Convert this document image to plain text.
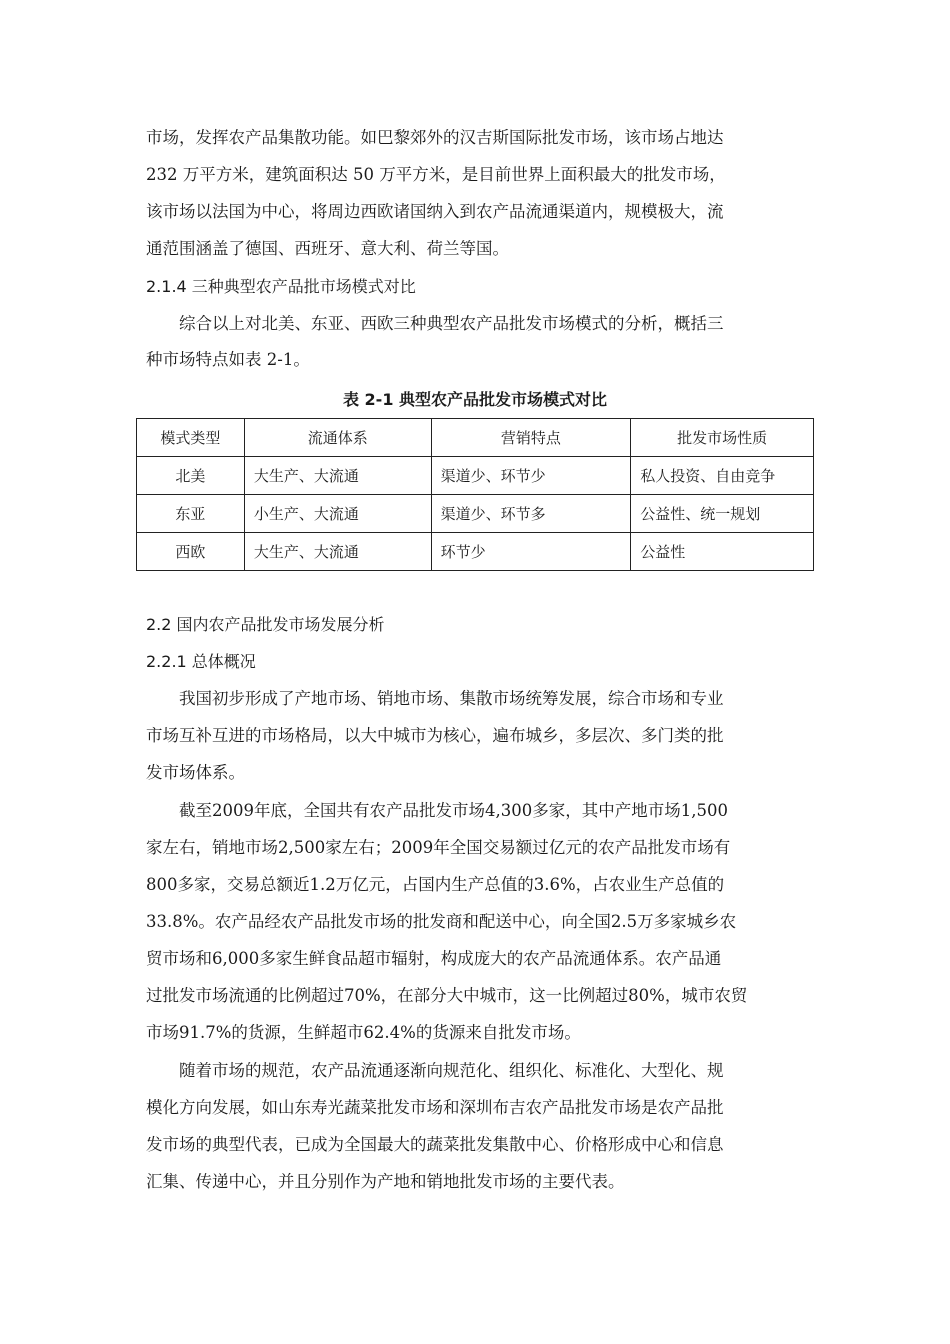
市场，发挥农产品集散功能。如巴黎郊外的汉吉斯国际批发市场，该市场占地达
232 万平方米，建筑面积达 50 万平方米，是目前世界上面积最大的批发市场，
该市场以法国为中心，将周边西欧诸国纳入到农产品流通渠道内，规模极大，流
通范围涵盖了德国、西班牙、意大利、荷兰等国。
2.1.4 三种典型农产品批市场模式对比
　　综合以上对北美、东亚、西欧三种典型农产品批发市场模式的分析，概括三
种市场特点如表 2-1。
表 2-1 典型农产品批发市场模式对比
模式类型	流通体系	营销特点	批发市场性质
北美	大生产、大流通	渠道少、环节少	私人投资、自由竞争
东亚	小生产、大流通	渠道少、环节多	公益性、统一规划
西欧	大生产、大流通	环节少	公益性
2.2 国内农产品批发市场发展分析
2.2.1 总体概况
　　我国初步形成了产地市场、销地市场、集散市场统筹发展，综合市场和专业
市场互补互进的市场格局，以大中城市为核心，遍布城乡，多层次、多门类的批
发市场体系。
　　截至2009年底，全国共有农产品批发市场4,300多家，其中产地市场1,500
家左右，销地市场2,500家左右；2009年全国交易额过亿元的农产品批发市场有
800多家，交易总额近1.2万亿元，占国内生产总值的3.6%，占农业生产总值的
33.8%。农产品经农产品批发市场的批发商和配送中心，向全国2.5万多家城乡农
贸市场和6,000多家生鲜食品超市辐射，构成庞大的农产品流通体系。农产品通
过批发市场流通的比例超过70%，在部分大中城市，这一比例超过80%，城市农贸
市场91.7%的货源，生鲜超市62.4%的货源来自批发市场。
　　随着市场的规范，农产品流通逐渐向规范化、组织化、标准化、大型化、规
模化方向发展，如山东寿光蔬菜批发市场和深圳布吉农产品批发市场是农产品批
发市场的典型代表，已成为全国最大的蔬菜批发集散中心、价格形成中心和信息
汇集、传递中心，并且分别作为产地和销地批发市场的主要代表。
